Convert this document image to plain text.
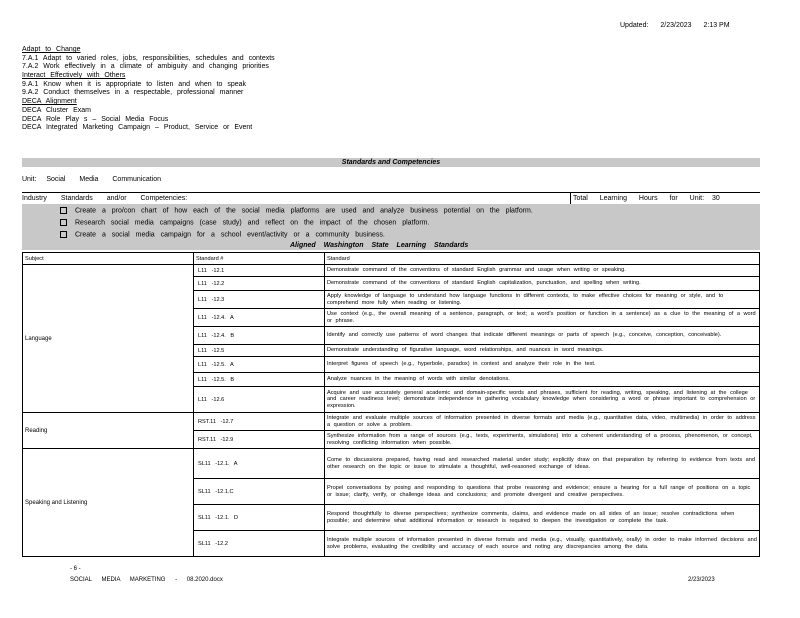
Updated: 2/23/2023 2:13 PM
Adapt to Change
7.A.1 Adapt to varied roles, jobs, responsibilities, schedules and contexts
7.A.2 Work effectively in a climate of ambiguity and changing priorities
Interact Effectively with Others
9.A.1 Know when it is appropriate to listen and when to speak
9.A.2 Conduct themselves in a respectable, professional manner
DECA Alignment
DECA Cluster Exam
DECA Role Play s – Social Media Focus
DECA Integrated Marketing Campaign – Product, Service or Event
Standards and Competencies
Unit: Social Media Communication
Industry Standards and/or Competencies:	Total Learning Hours for Unit: 30
Create a pro/con chart of how each of the social media platforms are used and analyze business potential on the platform.
Research social media campaigns (case study) and reflect on the impact of the chosen platform.
Create a social media campaign for a school event/activity or a community business.
Aligned Washington State Learning Standards
Subject	Standard #	Standard
Language	L11 -12.1	Demonstrate command of the conventions of standard English grammar and usage when writing or speaking.
	L11 -12.2	Demonstrate command of the conventions of standard English capitalization, punctuation, and spelling when writing.
	L11 -12.3	Apply knowledge of language to understand how language functions in different contexts, to make effective choices for meaning or style, and to comprehend more fully when reading or listening.
	L11 -12.4. A	Use context (e.g., the overall meaning of a sentence, paragraph, or text; a word's position or function in a sentence) as a clue to the meaning of a word or phrase.
	L11 -12.4. B	Identify and correctly use patterns of word changes that indicate different meanings or parts of speech (e.g., conceive, conception, conceivable).
	L11 -12.5	Demonstrate understanding of figurative language, word relationships, and nuances in word meanings.
	L11 -12.5. A	Interpret figures of speech (e.g., hyperbole, paradox) in context and analyze their role in the text.
	L11 -12.5. B	Analyze nuances in the meaning of words with similar denotations.
	L11 -12.6	Acquire and use accurately general academic and domain-specific words and phrases, sufficient for reading, writing, speaking, and listening at the college and career readiness level; demonstrate independence in gathering vocabulary knowledge when considering a word or phrase important to comprehension or expression.
Reading	RST.11 -12.7	Integrate and evaluate multiple sources of information presented in diverse formats and media (e.g., quantitative data, video, multimedia) in order to address a question or solve a problem.
	RST.11 -12.9	Synthesize information from a range of sources (e.g., texts, experiments, simulations) into a coherent understanding of a process, phenomenon, or concept, resolving conflicting information when possible.
Speaking and Listening	SL11 -12.1. A	Come to discussions prepared, having read and researched material under study; explicitly draw on that preparation by referring to evidence from texts and other research on the topic or issue to stimulate a thoughtful, well-reasoned exchange of ideas.
	SL11 -12.1.C	Propel conversations by posing and responding to questions that probe reasoning and evidence; ensure a hearing for a full range of positions on a topic or issue; clarify, verify, or challenge ideas and conclusions; and promote divergent and creative perspectives.
	SL11 -12.1. D	Respond thoughtfully to diverse perspectives; synthesize comments, claims, and evidence made on all sides of an issue; resolve contradictions when possible; and determine what additional information or research is required to deepen the investigation or complete the task.
	SL11 -12.2	Integrate multiple sources of information presented in diverse formats and media (e.g., visually, quantitatively, orally) in order to make informed decisions and solve problems, evaluating the credibility and accuracy of each source and noting any discrepancies among the data.
- 6 -
SOCIAL MEDIA MARKETING - 08.2020.docx	2/23/2023
